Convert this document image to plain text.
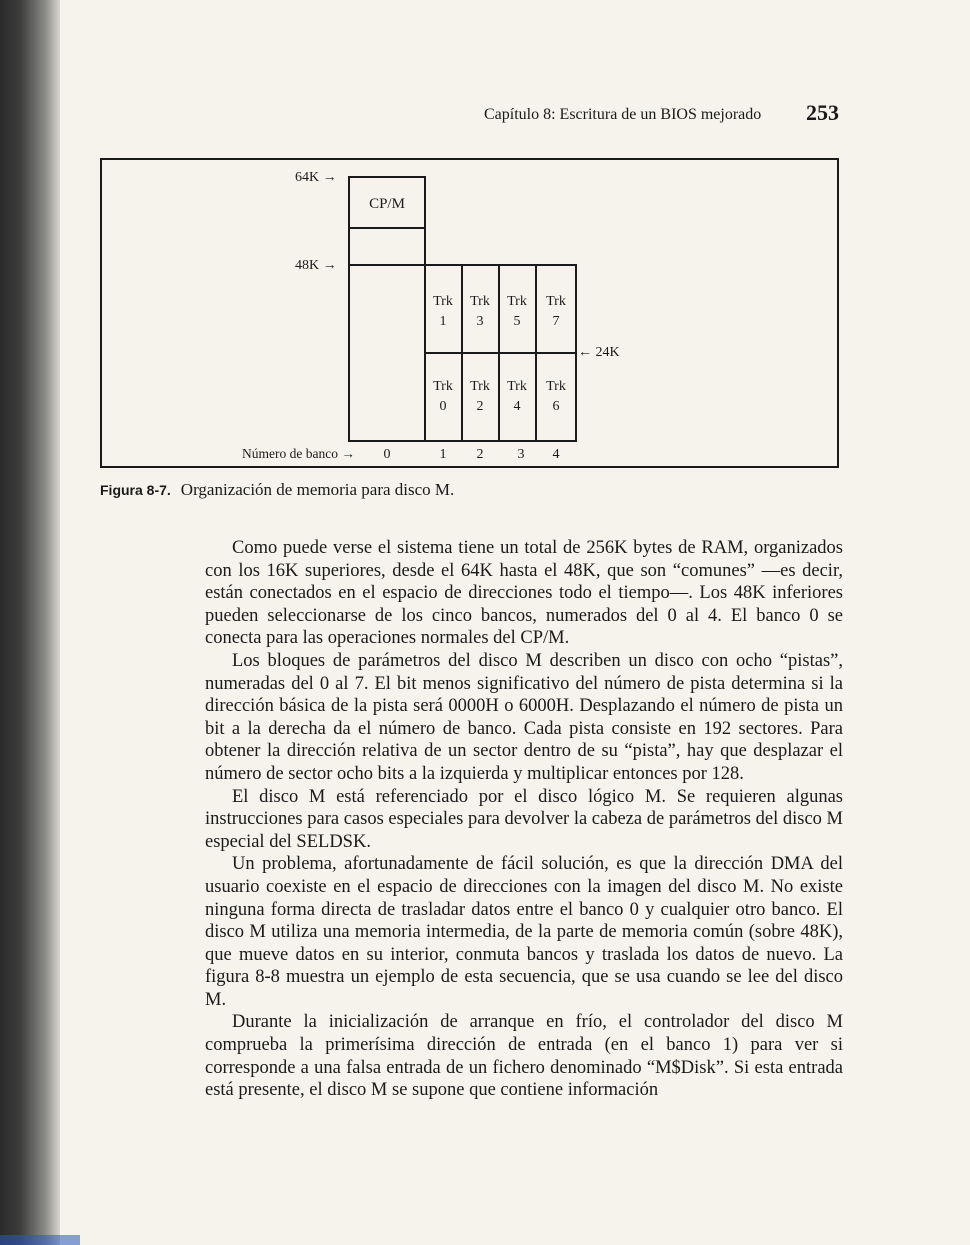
Capítulo 8: Escritura de un BIOS mejorado 253
64K →
48K →
← 24K
CP/M
Trk
1
Trk
3
Trk
5
Trk
7
Trk
0
Trk
2
Trk
4
Trk
6
Número de banco → 0	1 2 3 4
Figura 8-7. Organización de memoria para disco M.

Como puede verse el sistema tiene un total de 256K bytes de RAM, organizados con los 16K superiores, desde el 64K hasta el 48K, que son “comunes” —es decir, están conectados en el espacio de direcciones todo el tiempo—. Los 48K inferiores pueden seleccionarse de los cinco bancos, numerados del 0 al 4. El banco 0 se conecta para las operaciones normales del CP/M.

Los bloques de parámetros del disco M describen un disco con ocho “pistas”, numeradas del 0 al 7. El bit menos significativo del número de pista determina si la dirección básica de la pista será 0000H o 6000H. Desplazando el número de pista un bit a la derecha da el número de banco. Cada pista consiste en 192 sectores. Para obtener la dirección relativa de un sector dentro de su “pista”, hay que desplazar el número de sector ocho bits a la izquierda y multiplicar entonces por 128.

El disco M está referenciado por el disco lógico M. Se requieren algunas instrucciones para casos especiales para devolver la cabeza de parámetros del disco M especial del SELDSK.

Un problema, afortunadamente de fácil solución, es que la dirección DMA del usuario coexiste en el espacio de direcciones con la imagen del disco M. No existe ninguna forma directa de trasladar datos entre el banco 0 y cualquier otro banco. El disco M utiliza una memoria intermedia, de la parte de memoria común (sobre 48K), que mueve datos en su interior, conmuta bancos y traslada los datos de nuevo. La figura 8-8 muestra un ejemplo de esta secuencia, que se usa cuando se lee del disco M.

Durante la inicialización de arranque en frío, el controlador del disco M comprueba la primerísima dirección de entrada (en el banco 1) para ver si corresponde a una falsa entrada de un fichero denominado “M$Disk”. Si esta entrada está presente, el disco M se supone que contiene información
